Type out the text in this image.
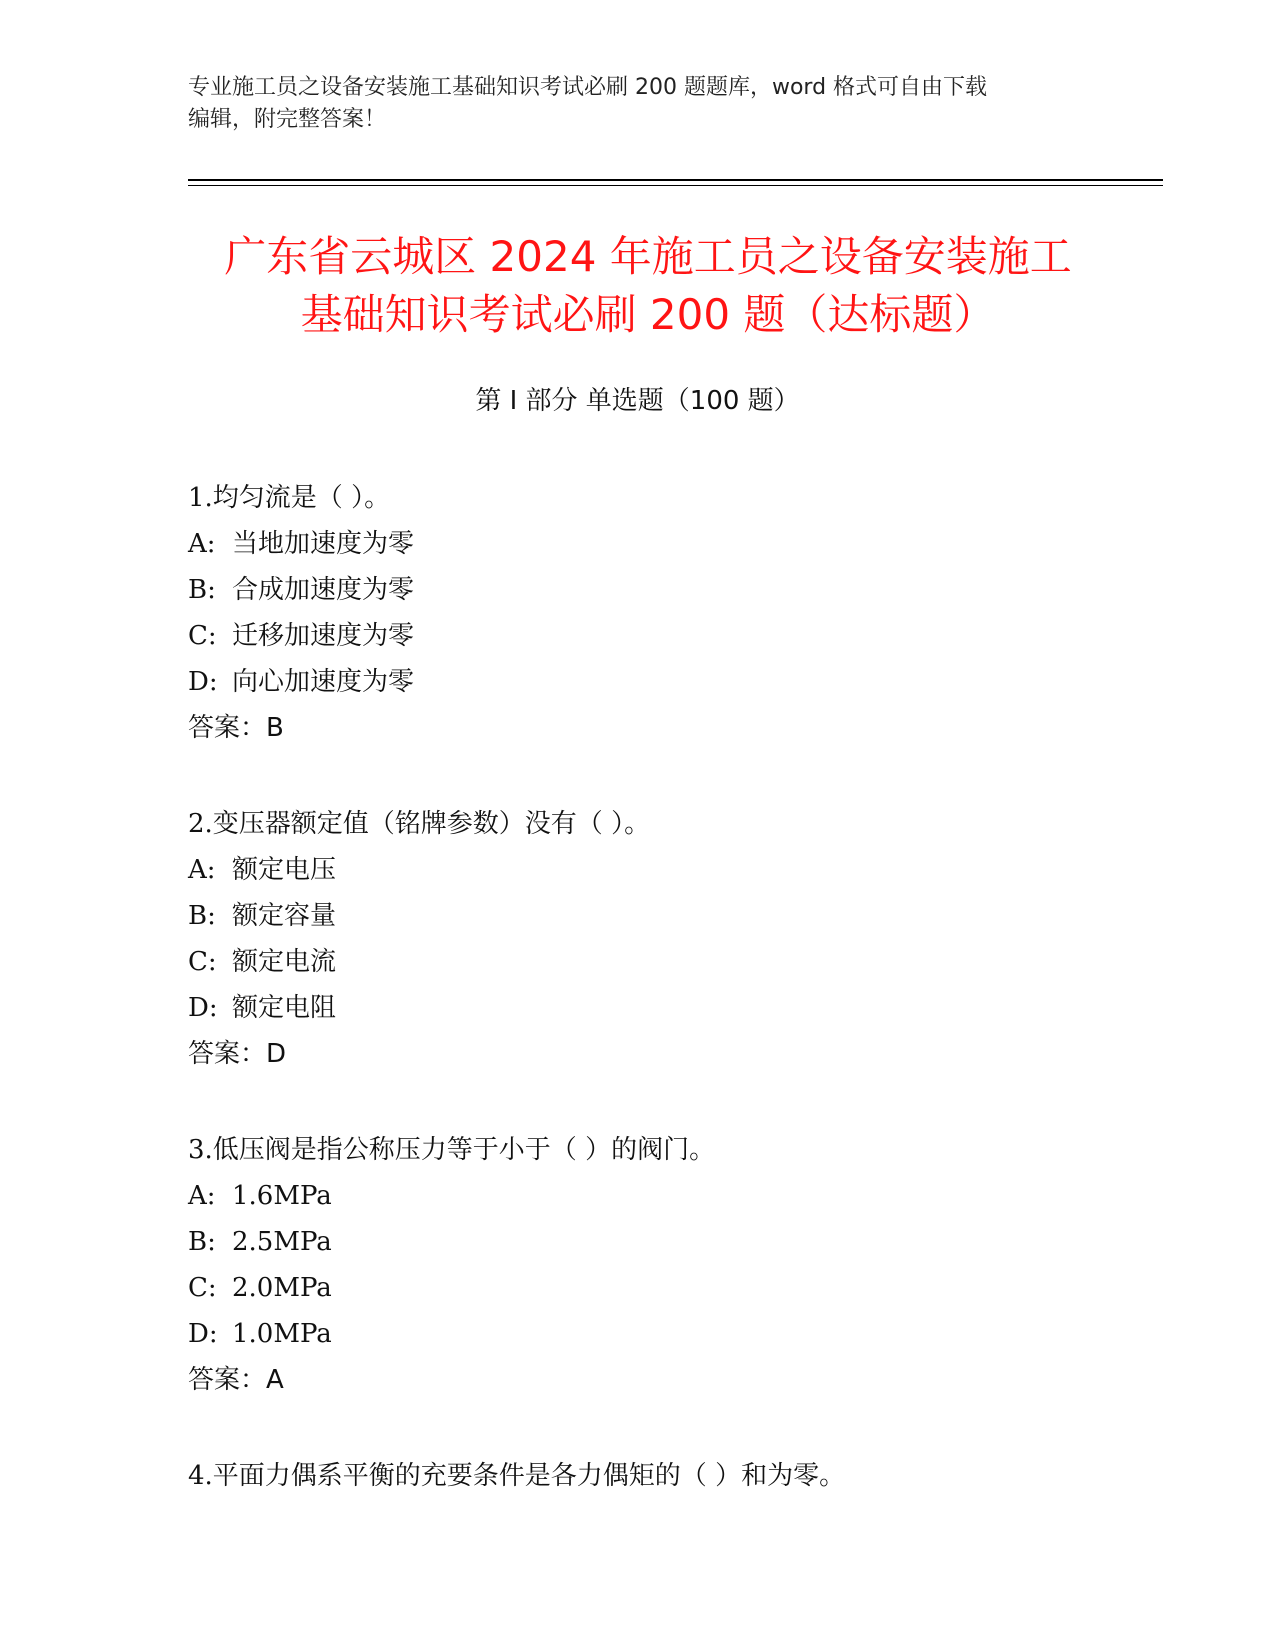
专业施工员之设备安装施工基础知识考试必刷 200 题题库，word 格式可自由下载
编辑，附完整答案！
广东省云城区 2024 年施工员之设备安装施工
基础知识考试必刷 200 题（达标题）
第 I 部分 单选题（100 题）
1.均匀流是（ ）。
A: 当地加速度为零
B: 合成加速度为零
C: 迁移加速度为零
D: 向心加速度为零
答案：B
2.变压器额定值（铭牌参数）没有（ ）。
A: 额定电压
B: 额定容量
C: 额定电流
D: 额定电阻
答案：D
3.低压阀是指公称压力等于小于（ ）的阀门。
A: 1.6MPa
B: 2.5MPa
C: 2.0MPa
D: 1.0MPa
答案：A
4.平面力偶系平衡的充要条件是各力偶矩的（ ）和为零。
